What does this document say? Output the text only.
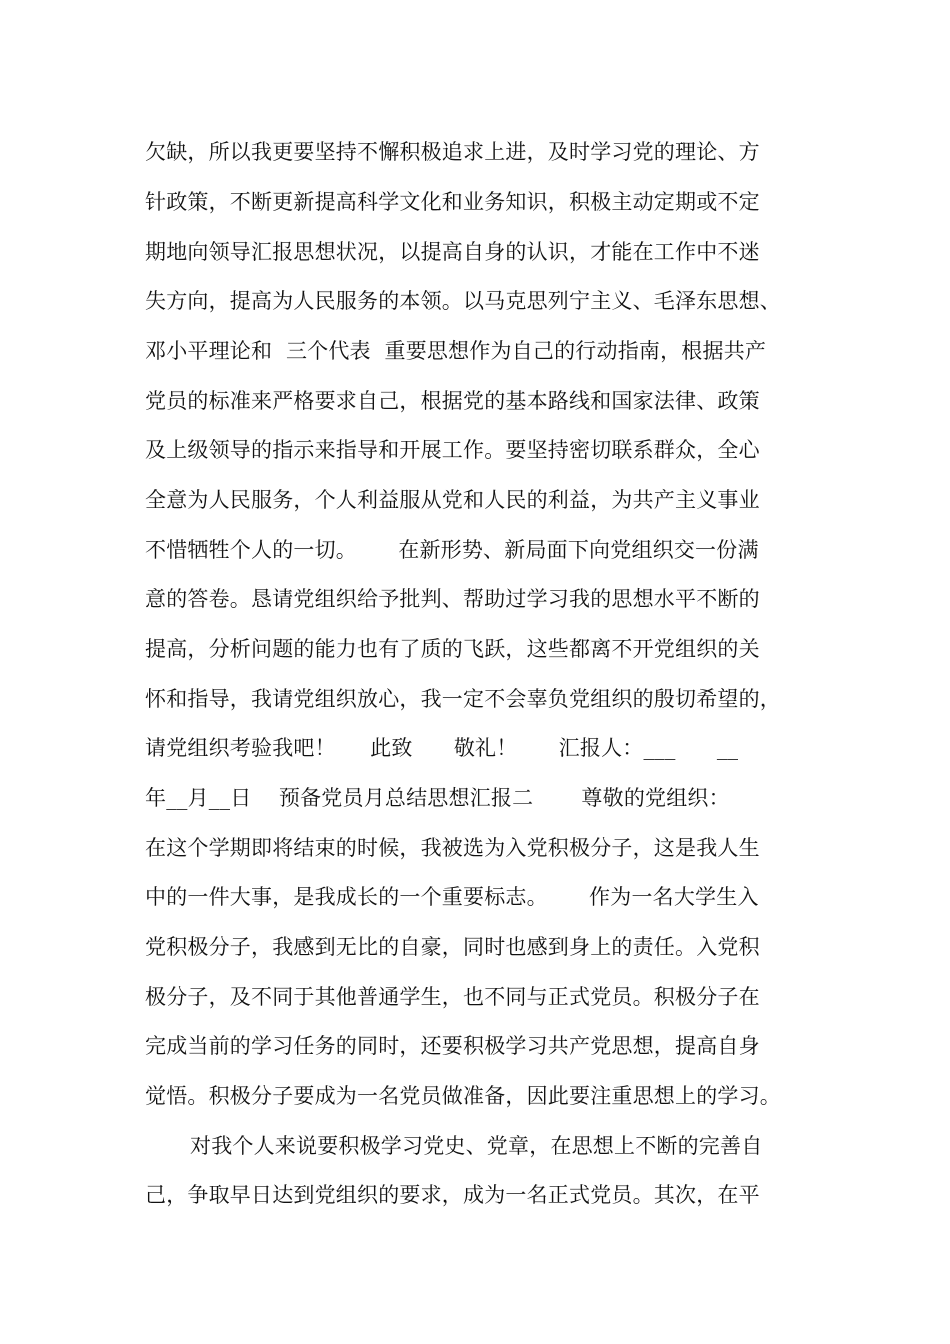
欠缺，所以我更要坚持不懈积极追求上进，及时学习党的理论、方
针政策，不断更新提高科学文化和业务知识，积极主动定期或不定
期地向领导汇报思想状况，以提高自身的认识，才能在工作中不迷
失方向，提高为人民服务的本领。以马克思列宁主义、毛泽东思想、
邓小平理论和  三个代表  重要思想作为自己的行动指南，根据共产
党员的标准来严格要求自己，根据党的基本路线和国家法律、政策
及上级领导的指示来指导和开展工作。要坚持密切联系群众，全心
全意为人民服务，个人利益服从党和人民的利益，为共产主义事业
不惜牺牲个人的一切。      在新形势、新局面下向党组织交一份满
意的答卷。恳请党组织给予批判、帮助过学习我的思想水平不断的
提高，分析问题的能力也有了质的飞跃，这些都离不开党组织的关
怀和指导，我请党组织放心，我一定不会辜负党组织的殷切希望的，
请党组织考验我吧！     此致      敬礼！      汇报人：___      __
年__月__日    预备党员月总结思想汇报二       尊敬的党组织：
在这个学期即将结束的时候，我被选为入党积极分子，这是我人生
中的一件大事，是我成长的一个重要标志。      作为一名大学生入
党积极分子，我感到无比的自豪，同时也感到身上的责任。入党积
极分子，及不同于其他普通学生，也不同与正式党员。积极分子在
完成当前的学习任务的同时，还要积极学习共产党思想，提高自身
觉悟。积极分子要成为一名党员做准备，因此要注重思想上的学习。
对我个人来说要积极学习党史、党章，在思想上不断的完善自
己，争取早日达到党组织的要求，成为一名正式党员。其次，在平
